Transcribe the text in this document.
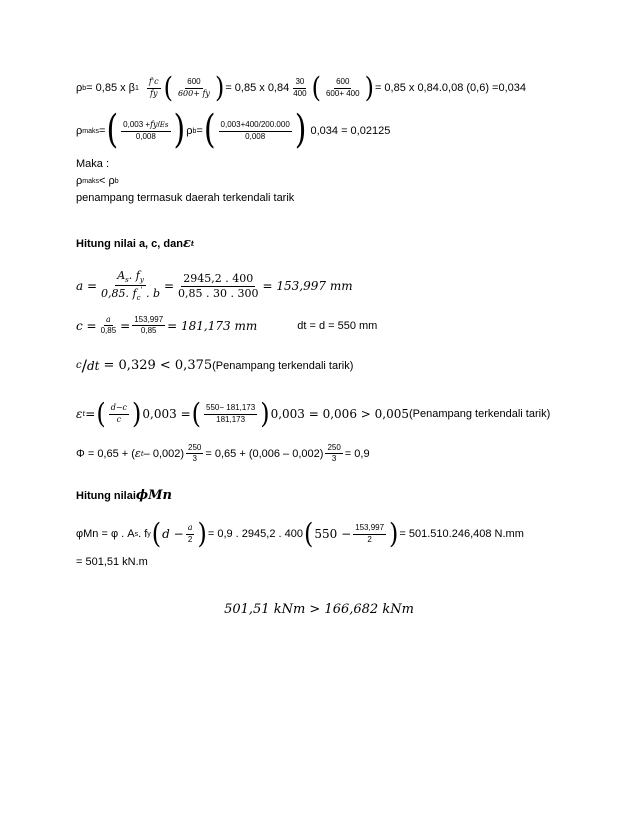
ρ b = 0,85 x β $1 \frac{f'c}{fy}$ ( $\frac{600}{600+ fy}$ ) = 0,85 x $0,84 \frac{30}{400}$ ( $\frac{600}{600+ 400}$ ) = 0,85 x 0,84.0,08 (0,6) =0,034
ρ maks = ( $\frac{0,003 +fy/Es}{0,008}$ ) ρ b = ( $\frac{0,003+400/200.000}{0,008}$ ) 0,034 = 0,02125
Maka :
ρ maks < ρ b
penampang termasuk daerah terkendali tarik
Hitung nilai a, c, dan ε t
$a = \frac{A_s. f_y}{0,85. f_c' . b} = \frac{2945,2 . 400}{0,85 . 30 . 300} = 153,997$ mm
$c = \frac{a}{0,85} = \frac{153,997}{0,85} = 181,173$ mm	dt = d = 550 mm
c / dt = 0,329 < 0,375 (Penampang terkendali tarik)
ε t = ( $\frac{d-c}{c}$ ) 0,003 = ( $\frac{550- 181,173}{181,173}$ ) 0,003 = 0,006 > 0,005 (Penampang terkendali tarik)
Φ = 0,65 + ( ε $t - 0,002) \frac{250}{3} = 0,65 + (0,006 - 0,002) \frac{250}{3} = 0,9$
Hitung nilai ϕMn
φMn = φ . A s . f y ( $d - \frac{a}{2}$ ) = 0,9 . 2945,2 . 400 ( $550 - \frac{153,997}{2}$ ) = 501.510.246,408 N.mm
= 501,51 kN.m
501,51 kNm > 166,682 kNm
